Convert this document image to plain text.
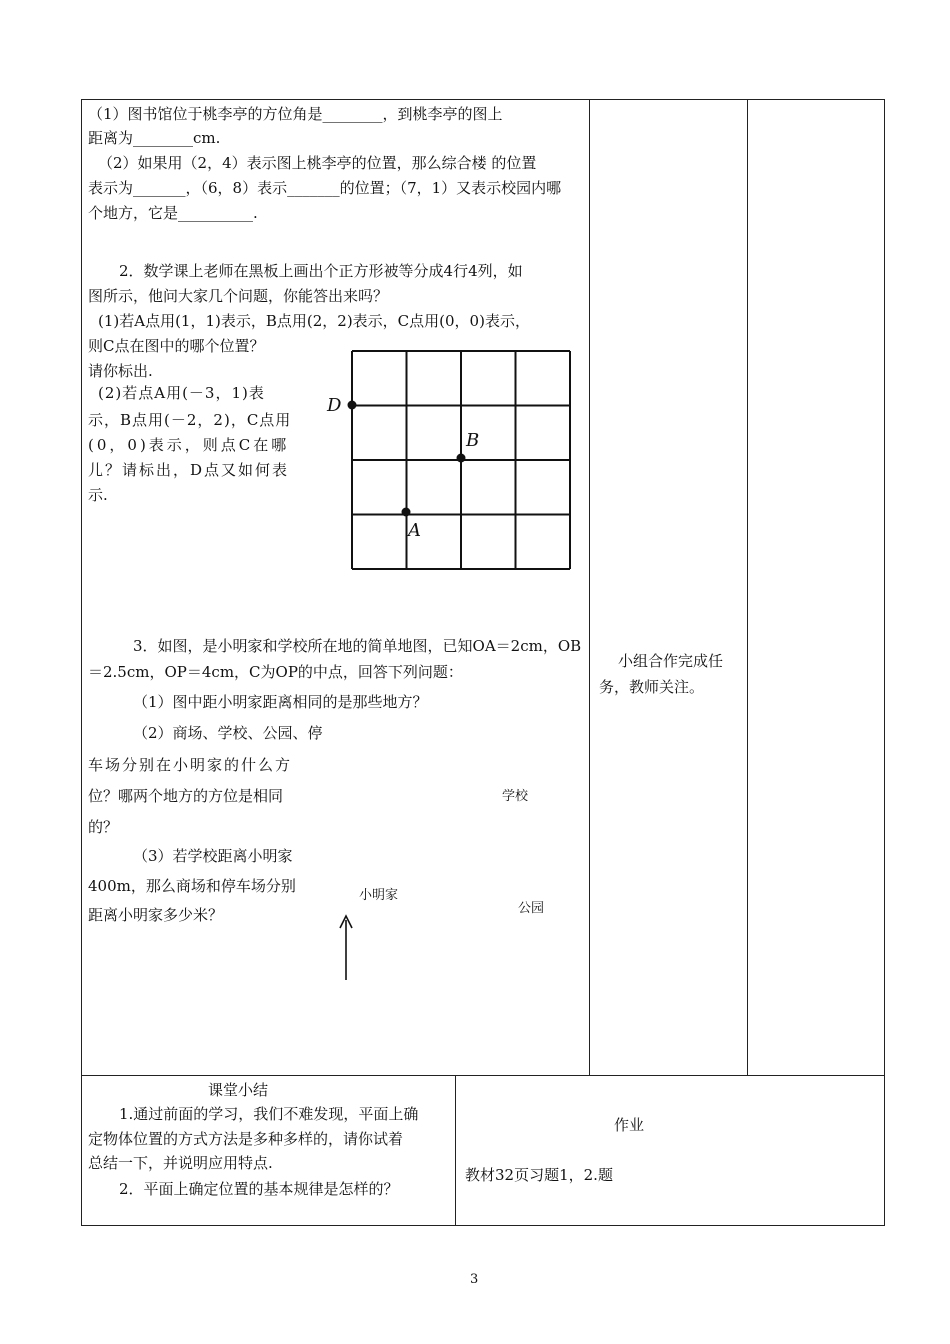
（1）图书馆位于桃李亭的方位角是________，到桃李亭的图上
距离为________cm.
（2）如果用（2，4）表示图上桃李亭的位置，那么综合楼 的位置
表示为_______，（6，8）表示_______的位置；（7，1）又表示校园内哪
个地方，它是__________.
2．数学课上老师在黑板上画出个正方形被等分成4行4列，如
图所示，他问大家几个问题，你能答出来吗？
(1)若A点用(1，1)表示，B点用(2，2)表示，C点用(0，0)表示，
则C点在图中的哪个位置？
请你标出.
(2)若点A用(－3，1)表
示，B点用(－2，2)，C点用
(0，0)表示，则点C在哪
儿？请标出，D点又如何表
示.
D
B
A
3．如图，是小明家和学校所在地的简单地图，已知OA＝2cm，OB
＝2.5cm，OP＝4cm，C为OP的中点，回答下列问题：
（1）图中距小明家距离相同的是那些地方？
（2）商场、学校、公园、停
车场分别在小明家的什么方
位？哪两个地方的方位是相同
的？
（3）若学校距离小明家
400m，那么商场和停车场分别
距离小明家多少米？
学校
小明家
公园
小组合作完成任
务，教师关注。
课堂小结
1.通过前面的学习，我们不难发现，平面上确
定物体位置的方式方法是多种多样的，请你试着
总结一下，并说明应用特点.
2．平面上确定位置的基本规律是怎样的？
作业
教材32页习题1，2.题
3
